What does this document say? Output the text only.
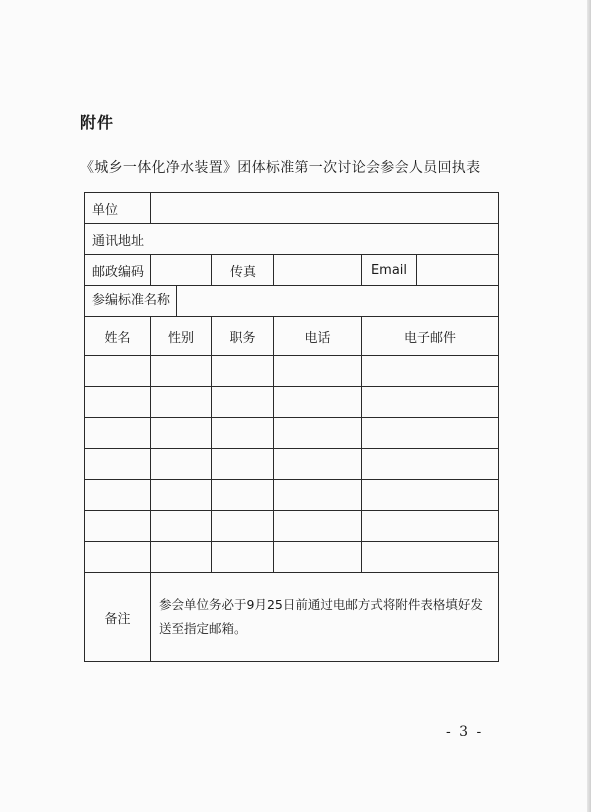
附件
《城乡一体化净水装置》团体标准第一次讨论会参会人员回执表
单位					
通讯地址					
邮政编码		传真		Email	
参编标准名称					
姓名	性别	职务	电话	电子邮件	

备注	参会单位务必于9月25日前通过电邮方式将附件表格填好发送至指定邮箱。				
- 3 -
